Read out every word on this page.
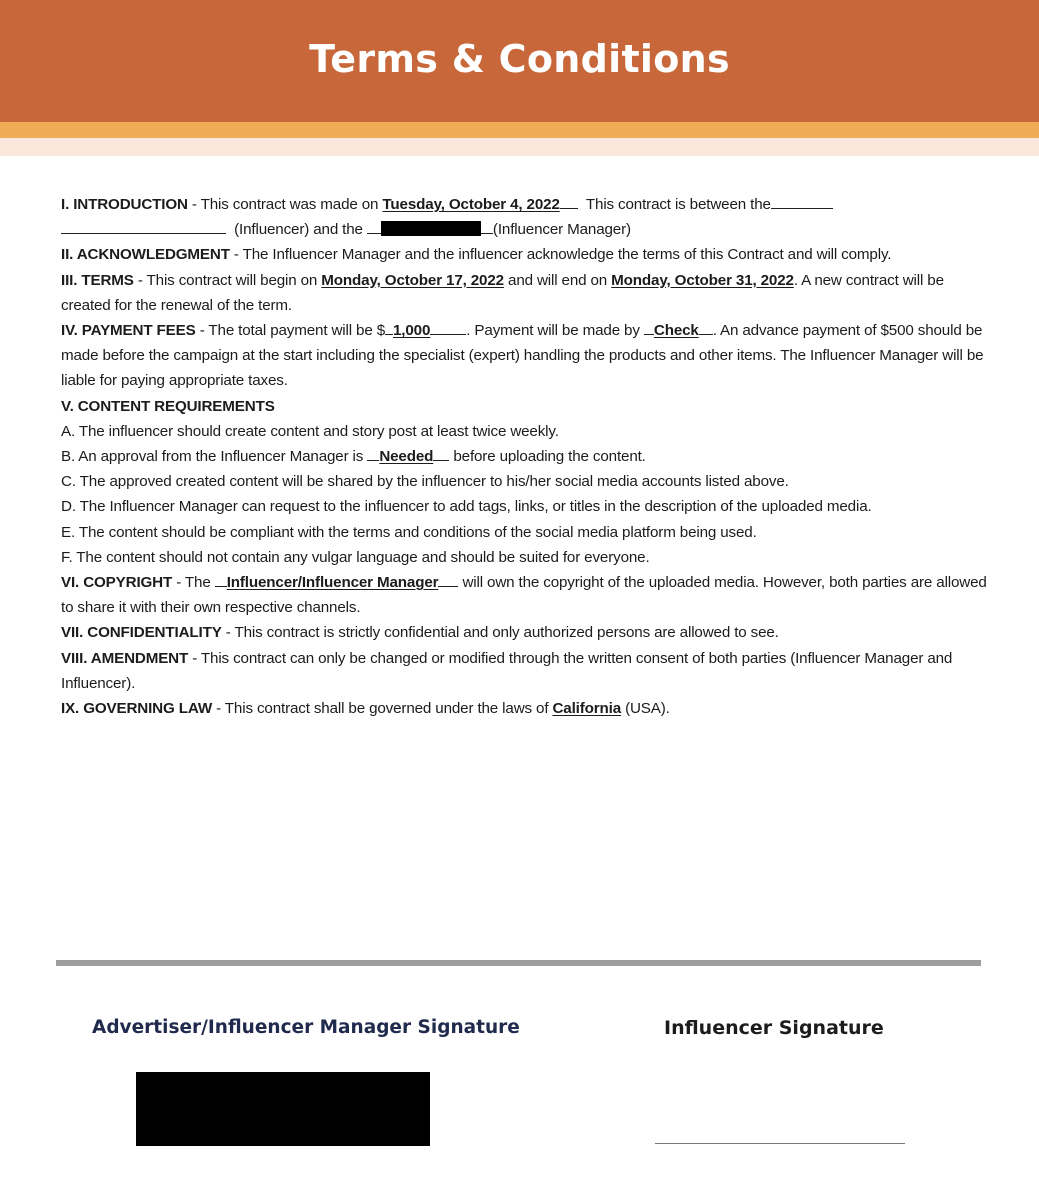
Terms & Conditions

I. INTRODUCTION - This contract was made on Tuesday, October 4, 2022 This contract is between the
(Influencer) and the	(Influencer Manager)

II. ACKNOWLEDGMENT - The Influencer Manager and the influencer acknowledge the terms of this Contract and will comply.

III. TERMS - This contract will begin on Monday, October 17, 2022 and will end on Monday, October 31, 2022. A new contract will be created for the renewal of the term.

IV. PAYMENT FEES - The total payment will be $ 1,000 . Payment will be made by Check . An advance payment of $500 should be made before the campaign at the start including the specialist (expert) handling the products and other items. The Influencer Manager will be liable for paying appropriate taxes.

V. CONTENT REQUIREMENTS
A. The influencer should create content and story post at least twice weekly.
B. An approval from the Influencer Manager is Needed before uploading the content.
C. The approved created content will be shared by the influencer to his/her social media accounts listed above.
D. The Influencer Manager can request to the influencer to add tags, links, or titles in the description of the uploaded media.
E. The content should be compliant with the terms and conditions of the social media platform being used.
F. The content should not contain any vulgar language and should be suited for everyone.

VI. COPYRIGHT - The Influencer/Influencer Manager will own the copyright of the uploaded media. However, both parties are allowed to share it with their own respective channels.

VII. CONFIDENTIALITY - This contract is strictly confidential and only authorized persons are allowed to see.

VIII. AMENDMENT - This contract can only be changed or modified through the written consent of both parties (Influencer Manager and Influencer).

IX. GOVERNING LAW - This contract shall be governed under the laws of California (USA).

Advertiser/Influencer Manager Signature	Influencer Signature
